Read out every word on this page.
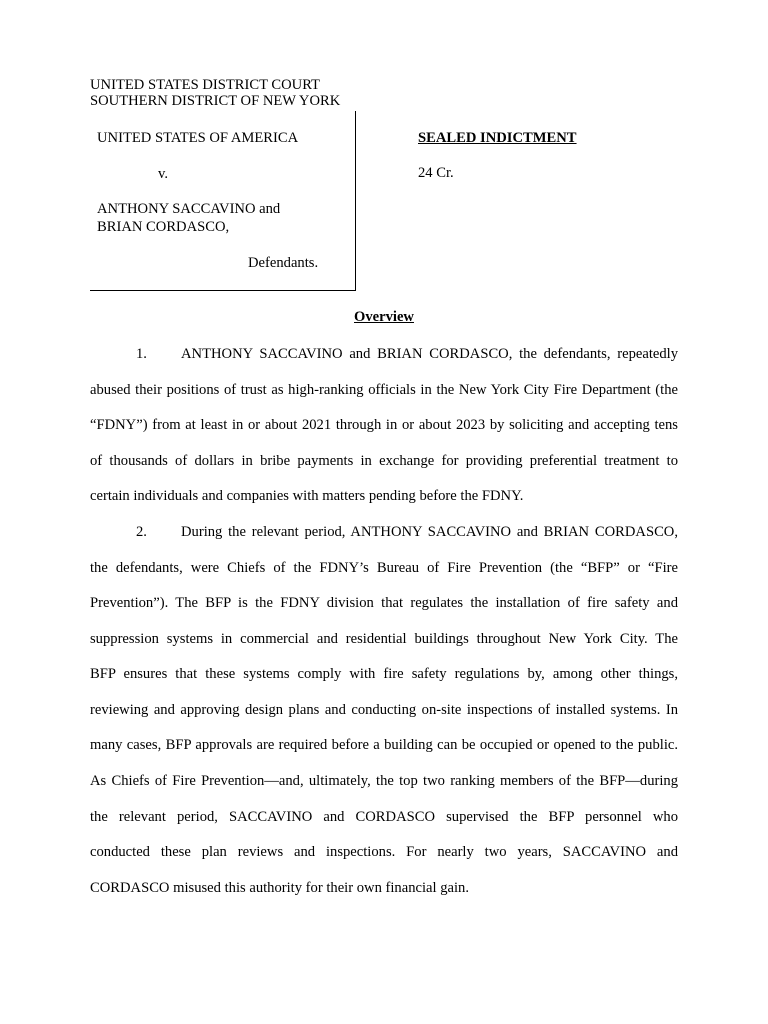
UNITED STATES DISTRICT COURT
SOUTHERN DISTRICT OF NEW YORK
UNITED STATES OF AMERICA
v.
ANTHONY SACCAVINO and
BRIAN CORDASCO,
Defendants.
SEALED INDICTMENT
24 Cr.
Overview
1. ANTHONY SACCAVINO and BRIAN CORDASCO, the defendants, repeatedly
abused their positions of trust as high-ranking officials in the New York City Fire Department (the
“FDNY”) from at least in or about 2021 through in or about 2023 by soliciting and accepting tens
of thousands of dollars in bribe payments in exchange for providing preferential treatment to
certain individuals and companies with matters pending before the FDNY.
2. During the relevant period, ANTHONY SACCAVINO and BRIAN CORDASCO,
the defendants, were Chiefs of the FDNY’s Bureau of Fire Prevention (the “BFP” or “Fire
Prevention”). The BFP is the FDNY division that regulates the installation of fire safety and
suppression systems in commercial and residential buildings throughout New York City. The
BFP ensures that these systems comply with fire safety regulations by, among other things,
reviewing and approving design plans and conducting on-site inspections of installed systems. In
many cases, BFP approvals are required before a building can be occupied or opened to the public.
As Chiefs of Fire Prevention—and, ultimately, the top two ranking members of the BFP—during
the relevant period, SACCAVINO and CORDASCO supervised the BFP personnel who
conducted these plan reviews and inspections. For nearly two years, SACCAVINO and
CORDASCO misused this authority for their own financial gain.
